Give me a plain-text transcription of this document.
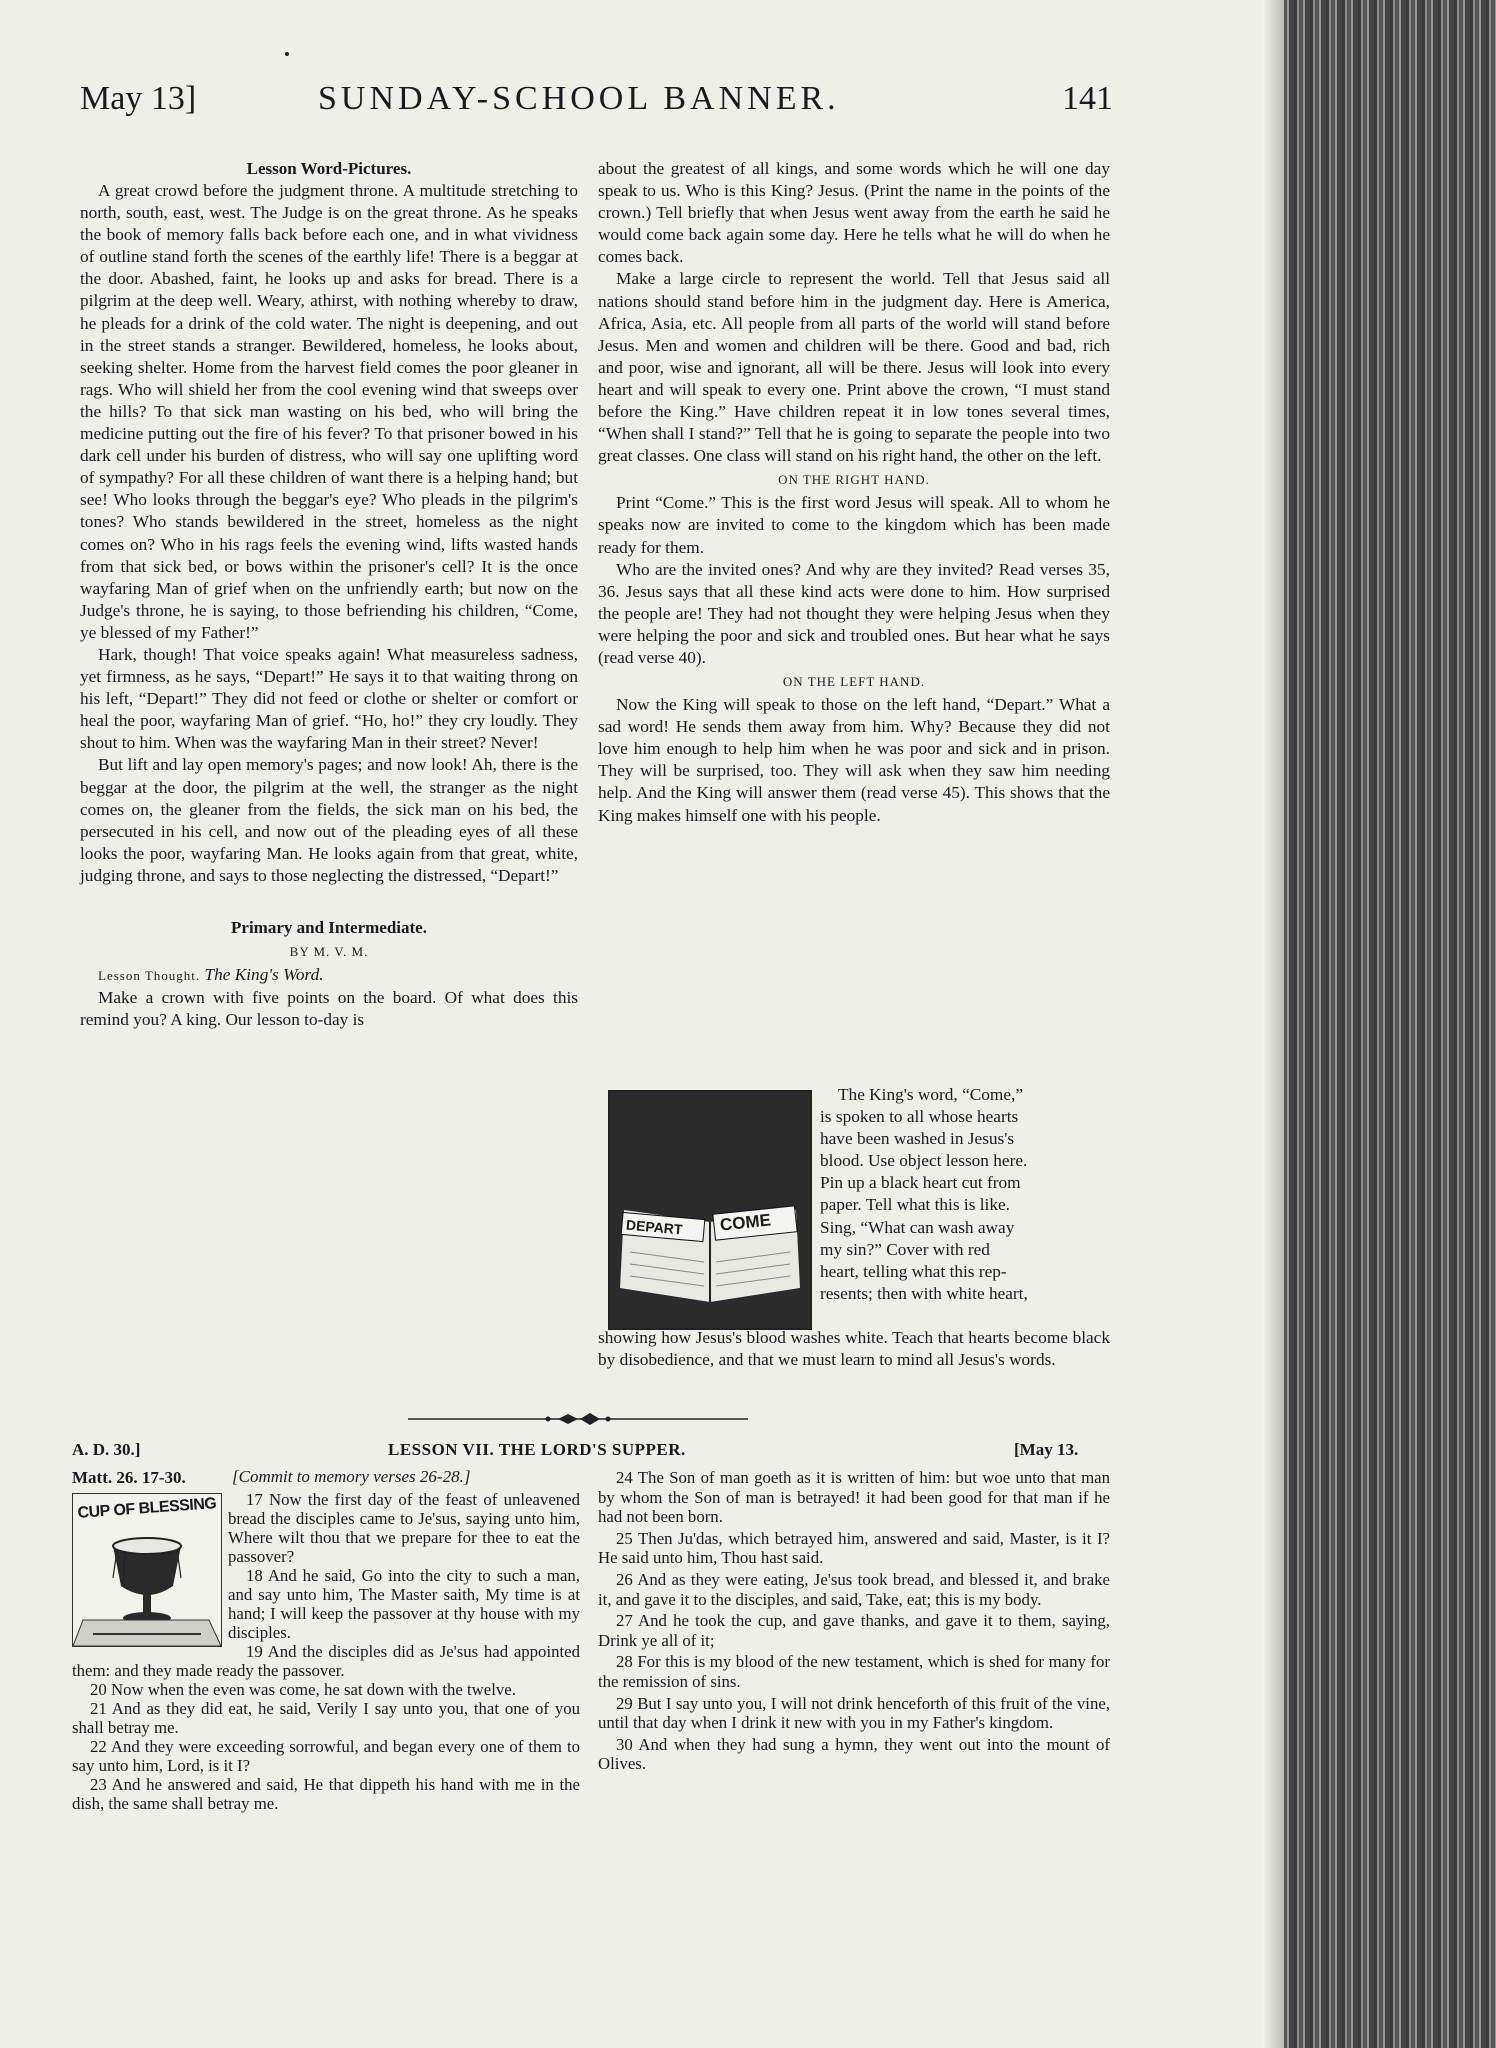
May 13]	SUNDAY-SCHOOL BANNER.	141
Lesson Word-Pictures.

A great crowd before the judgment throne. A multitude stretching to north, south, east, west. The Judge is on the great throne. As he speaks the book of memory falls back before each one, and in what vividness of outline stand forth the scenes of the earthly life! There is a beggar at the door. Abashed, faint, he looks up and asks for bread. There is a pilgrim at the deep well. Weary, athirst, with nothing whereby to draw, he pleads for a drink of the cold water. The night is deepening, and out in the street stands a stranger. Bewildered, homeless, he looks about, seeking shelter. Home from the harvest field comes the poor gleaner in rags. Who will shield her from the cool evening wind that sweeps over the hills? To that sick man wasting on his bed, who will bring the medicine putting out the fire of his fever? To that prisoner bowed in his dark cell under his burden of distress, who will say one uplifting word of sympathy? For all these children of want there is a helping hand; but see! Who looks through the beggar's eye? Who pleads in the pilgrim's tones? Who stands bewildered in the street, homeless as the night comes on? Who in his rags feels the evening wind, lifts wasted hands from that sick bed, or bows within the prisoner's cell? It is the once wayfaring Man of grief when on the unfriendly earth; but now on the Judge's throne, he is saying, to those befriending his children, “Come, ye blessed of my Father!”

Hark, though! That voice speaks again! What measureless sadness, yet firmness, as he says, “Depart!” He says it to that waiting throng on his left, “Depart!” They did not feed or clothe or shelter or comfort or heal the poor, wayfaring Man of grief. “Ho, ho!” they cry loudly. They shout to him. When was the wayfaring Man in their street? Never!

But lift and lay open memory's pages; and now look! Ah, there is the beggar at the door, the pilgrim at the well, the stranger as the night comes on, the gleaner from the fields, the sick man on his bed, the persecuted in his cell, and now out of the pleading eyes of all these looks the poor, wayfaring Man. He looks again from that great, white, judging throne, and says to those neglecting the distressed, “Depart!”

Primary and Intermediate.
BY M. V. M.

Lesson Thought. The King's Word.

Make a crown with five points on the board. Of what does this remind you? A king. Our lesson to-day is

about the greatest of all kings, and some words which he will one day speak to us. Who is this King? Jesus. (Print the name in the points of the crown.) Tell briefly that when Jesus went away from the earth he said he would come back again some day. Here he tells what he will do when he comes back.

Make a large circle to represent the world. Tell that Jesus said all nations should stand before him in the judgment day. Here is America, Africa, Asia, etc. All people from all parts of the world will stand before Jesus. Men and women and children will be there. Good and bad, rich and poor, wise and ignorant, all will be there. Jesus will look into every heart and will speak to every one. Print above the crown, “I must stand before the King.” Have children repeat it in low tones several times, “When shall I stand?” Tell that he is going to separate the people into two great classes. One class will stand on his right hand, the other on the left.

ON THE RIGHT HAND.

Print “Come.” This is the first word Jesus will speak. All to whom he speaks now are invited to come to the kingdom which has been made ready for them.

Who are the invited ones? And why are they invited? Read verses 35, 36. Jesus says that all these kind acts were done to him. How surprised the people are! They had not thought they were helping Jesus when they were helping the poor and sick and troubled ones. But hear what he says (read verse 40).

ON THE LEFT HAND.

Now the King will speak to those on the left hand, “Depart.” What a sad word! He sends them away from him. Why? Because they did not love him enough to help him when he was poor and sick and in prison. They will be surprised, too. They will ask when they saw him needing help. And the King will answer them (read verse 45). This shows that the King makes himself one with his people.

DEPART COME
The King's word, “Come,”
is spoken to all whose hearts
have been washed in Jesus's
blood. Use object lesson here.
Pin up a black heart cut from
paper. Tell what this is like.
Sing, “What can wash away
my sin?” Cover with red
heart, telling what this rep-
resents; then with white heart,

showing how Jesus's blood washes white. Teach that hearts become black by disobedience, and that we must learn to mind all Jesus's words.

A. D. 30.]	LESSON VII. THE LORD'S SUPPER.	[May 13.
Matt. 26. 17-30.	[Commit to memory verses 26-28.]
CUP OF BLESSING	17 Now the first day of the feast of unleavened bread the disciples came to Je'sus, saying unto him, Where wilt thou that we prepare for thee to eat the passover?

18 And he said, Go into the city to such a man, and say unto him, The Master saith, My time is at hand; I will keep the passover at thy house with my disciples.

19 And the disciples did as Je'sus had appointed them: and they made ready the passover.

20 Now when the even was come, he sat down with the twelve.

21 And as they did eat, he said, Verily I say unto you, that one of you shall betray me.

22 And they were exceeding sorrowful, and began every one of them to say unto him, Lord, is it I?

23 And he answered and said, He that dippeth his hand with me in the dish, the same shall betray me.

24 The Son of man goeth as it is written of him: but woe unto that man by whom the Son of man is betrayed! it had been good for that man if he had not been born.

25 Then Ju'das, which betrayed him, answered and said, Master, is it I? He said unto him, Thou hast said.

26 And as they were eating, Je'sus took bread, and blessed it, and brake it, and gave it to the disciples, and said, Take, eat; this is my body.

27 And he took the cup, and gave thanks, and gave it to them, saying, Drink ye all of it;

28 For this is my blood of the new testament, which is shed for many for the remission of sins.

29 But I say unto you, I will not drink henceforth of this fruit of the vine, until that day when I drink it new with you in my Father's kingdom.

30 And when they had sung a hymn, they went out into the mount of Olives.
